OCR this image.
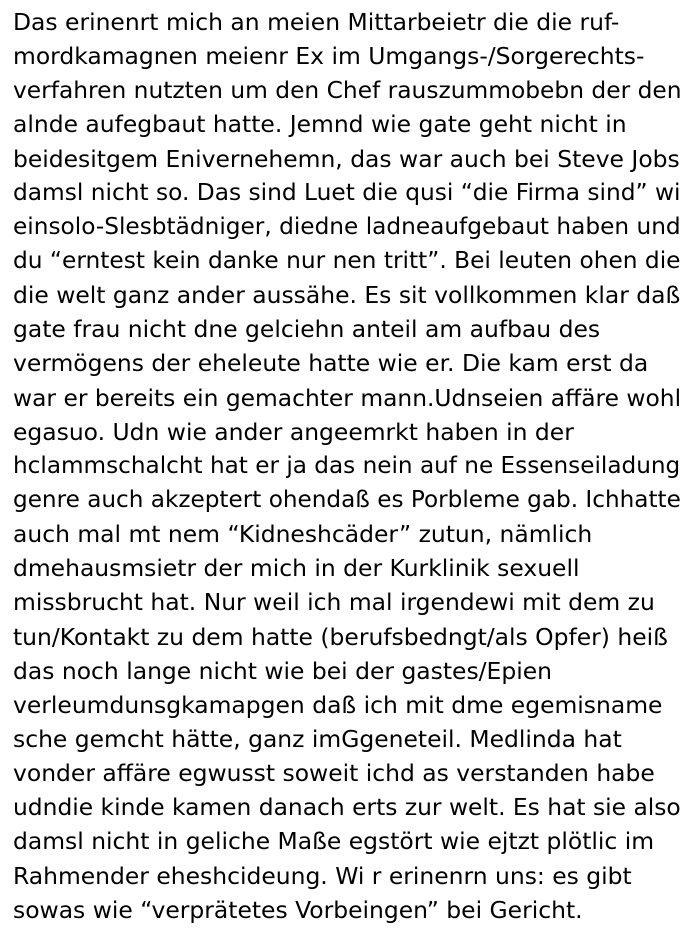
Das erinenrt mich an meien Mittarbeietr die die ruf-
mordkamagnen meienr Ex im Umgangs-/Sorgerechts-
verfahren nutzten um den Chef rauszummobebn der den
alnde aufegbaut hatte. Jemnd wie gate geht nicht in
beidesitgem Enivernehemn, das war auch bei Steve Jobs
damsl nicht so. Das sind Luet die qusi “die Firma sind” wi
einsolo-Slesbtädniger, diedne ladneaufgebaut haben und
du “erntest kein danke nur nen tritt”. Bei leuten ohen die
die welt ganz ander aussähe. Es sit vollkommen klar daß
gate frau nicht dne gelciehn anteil am aufbau des
vermögens der eheleute hatte wie er. Die kam erst da
war er bereits ein gemachter mann.Udnseien affäre wohl
egasuo. Udn wie ander angeemrkt haben in der
hclammschalcht hat er ja das nein auf ne Essenseiladung
genre auch akzeptert ohendaß es Porbleme gab. Ichhatte
auch mal mt nem “Kidneshcäder” zutun, nämlich
dmehausmsietr der mich in der Kurklinik sexuell
missbrucht hat. Nur weil ich mal irgendewi mit dem zu
tun/Kontakt zu dem hatte (berufsbedngt/als Opfer) heiß
das noch lange nicht wie bei der gastes/Epien
verleumdunsgkamapgen daß ich mit dme egemisname
sche gemcht hätte, ganz imGgeneteil. Medlinda hat
vonder affäre egwusst soweit ichd as verstanden habe
udndie kinde kamen danach erts zur welt. Es hat sie also
damsl nicht in geliche Maße egstört wie ejtzt plötlic im
Rahmender eheshcideung. Wi r erinenrn uns: es gibt
sowas wie “verprätetes Vorbeingen” bei Gericht.
